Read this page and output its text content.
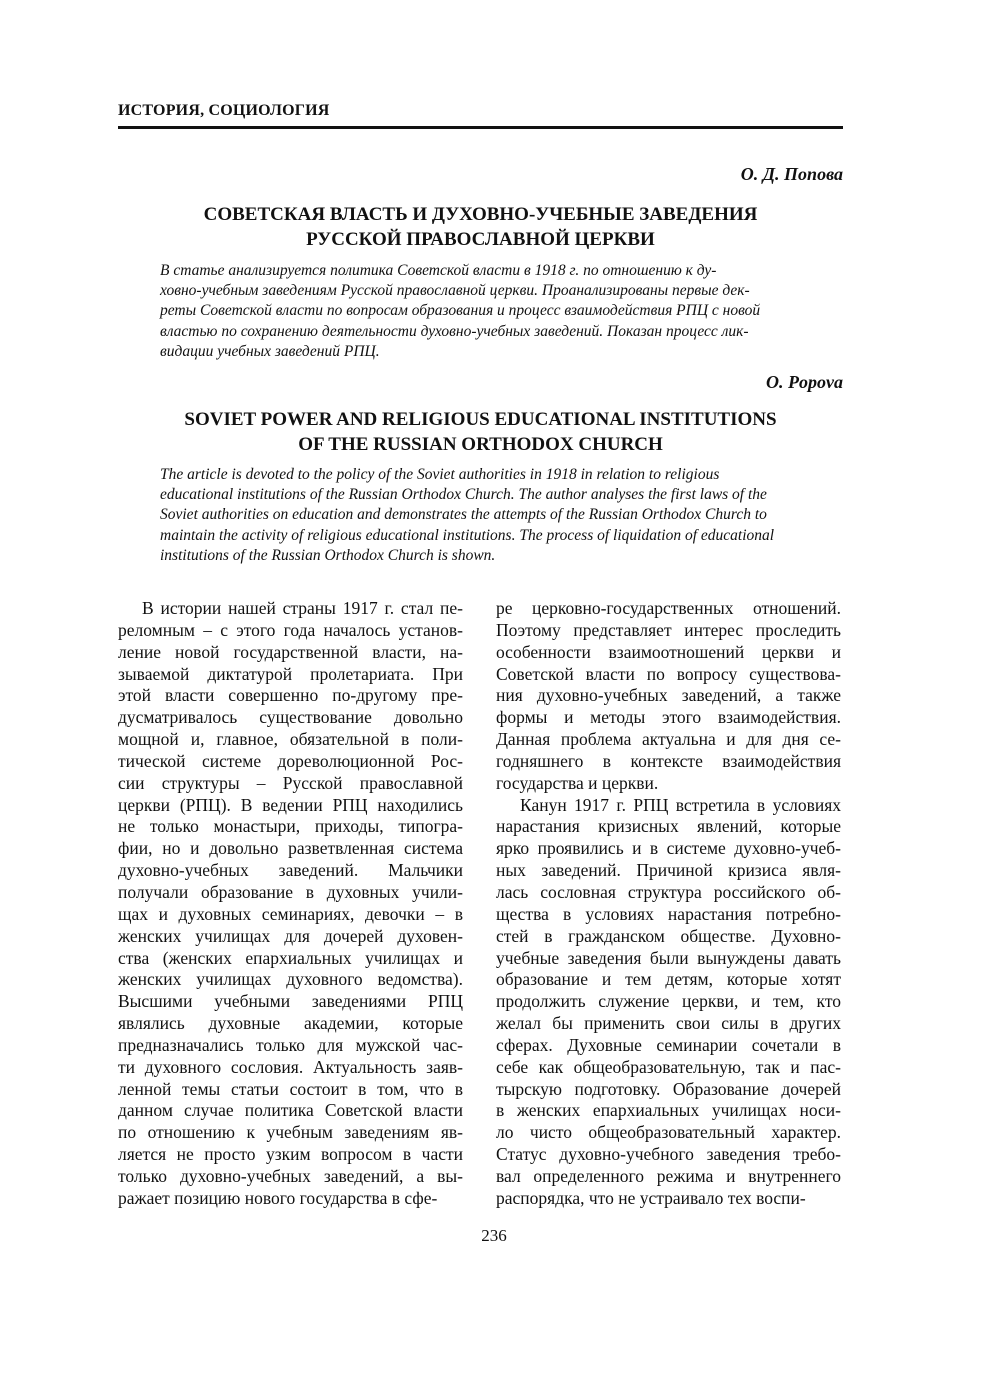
ИСТОРИЯ, СОЦИОЛОГИЯ
О. Д. Попова
СОВЕТСКАЯ ВЛАСТЬ И ДУХОВНО-УЧЕБНЫЕ ЗАВЕДЕНИЯ
РУССКОЙ ПРАВОСЛАВНОЙ ЦЕРКВИ
В статье анализируется политика Советской власти в 1918 г. по отношению к ду-
ховно-учебным заведениям Русской православной церкви. Проанализированы первые дек-
реты Советской власти по вопросам образования и процесс взаимодействия РПЦ с новой
властью по сохранению деятельности духовно-учебных заведений. Показан процесс лик-
видации учебных заведений РПЦ.
O. Popova
SOVIET POWER AND RELIGIOUS EDUCATIONAL INSTITUTIONS
OF THE RUSSIAN ORTHODOX CHURCH
The article is devoted to the policy of the Soviet authorities in 1918 in relation to religious
educational institutions of the Russian Orthodox Church. The author analyses the first laws of the
Soviet authorities on education and demonstrates the attempts of the Russian Orthodox Church to
maintain the activity of religious educational institutions. The process of liquidation of educational
institutions of the Russian Orthodox Church is shown.
В истории нашей страны 1917 г. стал пе-
реломным – с этого года началось установ-
ление новой государственной власти, на-
зываемой диктатурой пролетариата. При
этой власти совершенно по-другому пре-
дусматривалось существование довольно
мощной и, главное, обязательной в поли-
тической системе дореволюционной Рос-
сии структуры – Русской православной
церкви (РПЦ). В ведении РПЦ находились
не только монастыри, приходы, типогра-
фии, но и довольно разветвленная система
духовно-учебных заведений. Мальчики
получали образование в духовных учили-
щах и духовных семинариях, девочки – в
женских училищах для дочерей духовен-
ства (женских епархиальных училищах и
женских училищах духовного ведомства).
Высшими учебными заведениями РПЦ
являлись духовные академии, которые
предназначались только для мужской час-
ти духовного сословия. Актуальность заяв-
ленной темы статьи состоит в том, что в
данном случае политика Советской власти
по отношению к учебным заведениям яв-
ляется не просто узким вопросом в части
только духовно-учебных заведений, а вы-
ражает позицию нового государства в сфе-
ре церковно-государственных отношений.
Поэтому представляет интерес проследить
особенности взаимоотношений церкви и
Советской власти по вопросу существова-
ния духовно-учебных заведений, а также
формы и методы этого взаимодействия.
Данная проблема актуальна и для дня се-
годняшнего в контексте взаимодействия
государства и церкви.
Канун 1917 г. РПЦ встретила в условиях
нарастания кризисных явлений, которые
ярко проявились и в системе духовно-учеб-
ных заведений. Причиной кризиса явля-
лась сословная структура российского об-
щества в условиях нарастания потребно-
стей в гражданском обществе. Духовно-
учебные заведения были вынуждены давать
образование и тем детям, которые хотят
продолжить служение церкви, и тем, кто
желал бы применить свои силы в других
сферах. Духовные семинарии сочетали в
себе как общеобразовательную, так и пас-
тырскую подготовку. Образование дочерей
в женских епархиальных училищах носи-
ло чисто общеобразовательный характер.
Статус духовно-учебного заведения требо-
вал определенного режима и внутреннего
распорядка, что не устраивало тех воспи-
236
